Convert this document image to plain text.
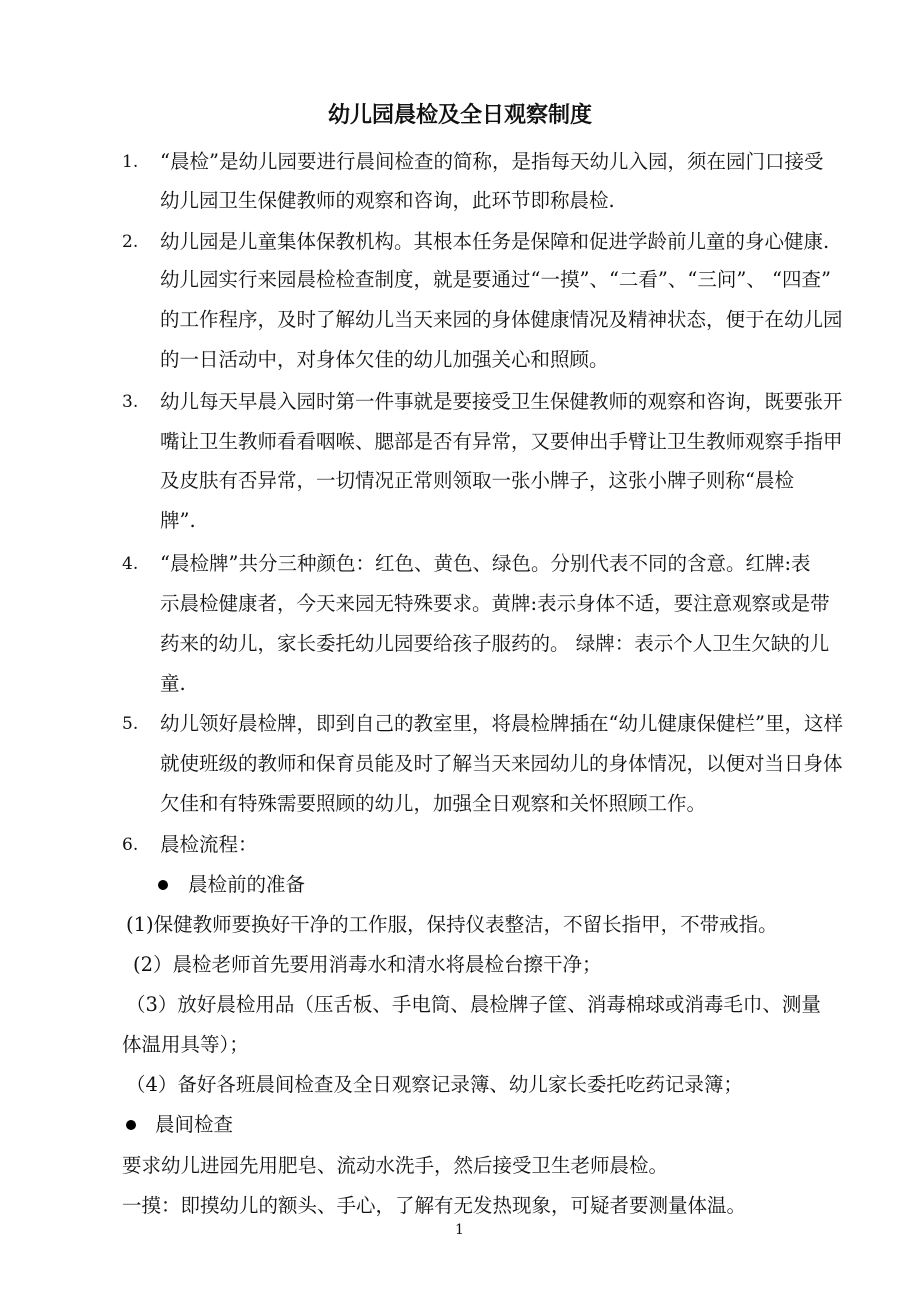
幼儿园晨检及全日观察制度
1. “晨检”是幼儿园要进行晨间检查的简称，是指每天幼儿入园，须在园门口接受
幼儿园卫生保健教师的观察和咨询，此环节即称晨检.
2. 幼儿园是儿童集体保教机构。其根本任务是保障和促进学龄前儿童的身心健康.
幼儿园实行来园晨检检查制度，就是要通过“一摸”、“二看”、“三问”、 “四查”
的工作程序，及时了解幼儿当天来园的身体健康情况及精神状态，便于在幼儿园
的一日活动中，对身体欠佳的幼儿加强关心和照顾。
3. 幼儿每天早晨入园时第一件事就是要接受卫生保健教师的观察和咨询，既要张开
嘴让卫生教师看看咽喉、腮部是否有异常，又要伸出手臂让卫生教师观察手指甲
及皮肤有否异常，一切情况正常则领取一张小牌子，这张小牌子则称“晨检
牌”.
4. “晨检牌”共分三种颜色：红色、黄色、绿色。分别代表不同的含意。红牌:表
示晨检健康者，今天来园无特殊要求。黄牌:表示身体不适，要注意观察或是带
药来的幼儿，家长委托幼儿园要给孩子服药的。 绿牌：表示个人卫生欠缺的儿
童.
5. 幼儿领好晨检牌，即到自己的教室里，将晨检牌插在“幼儿健康保健栏”里，这样
就使班级的教师和保育员能及时了解当天来园幼儿的身体情况，以便对当日身体
欠佳和有特殊需要照顾的幼儿，加强全日观察和关怀照顾工作。
6. 晨检流程：
晨检前的准备
(1)保健教师要换好干净的工作服，保持仪表整洁，不留长指甲，不带戒指。
(2）晨检老师首先要用消毒水和清水将晨检台擦干净；
（3）放好晨检用品（压舌板、手电筒、晨检牌子筐、消毒棉球或消毒毛巾、测量
体温用具等）；
（4）备好各班晨间检查及全日观察记录簿、幼儿家长委托吃药记录簿；
晨间检查
要求幼儿进园先用肥皂、流动水洗手，然后接受卫生老师晨检。
一摸：即摸幼儿的额头、手心，了解有无发热现象，可疑者要测量体温。
1
